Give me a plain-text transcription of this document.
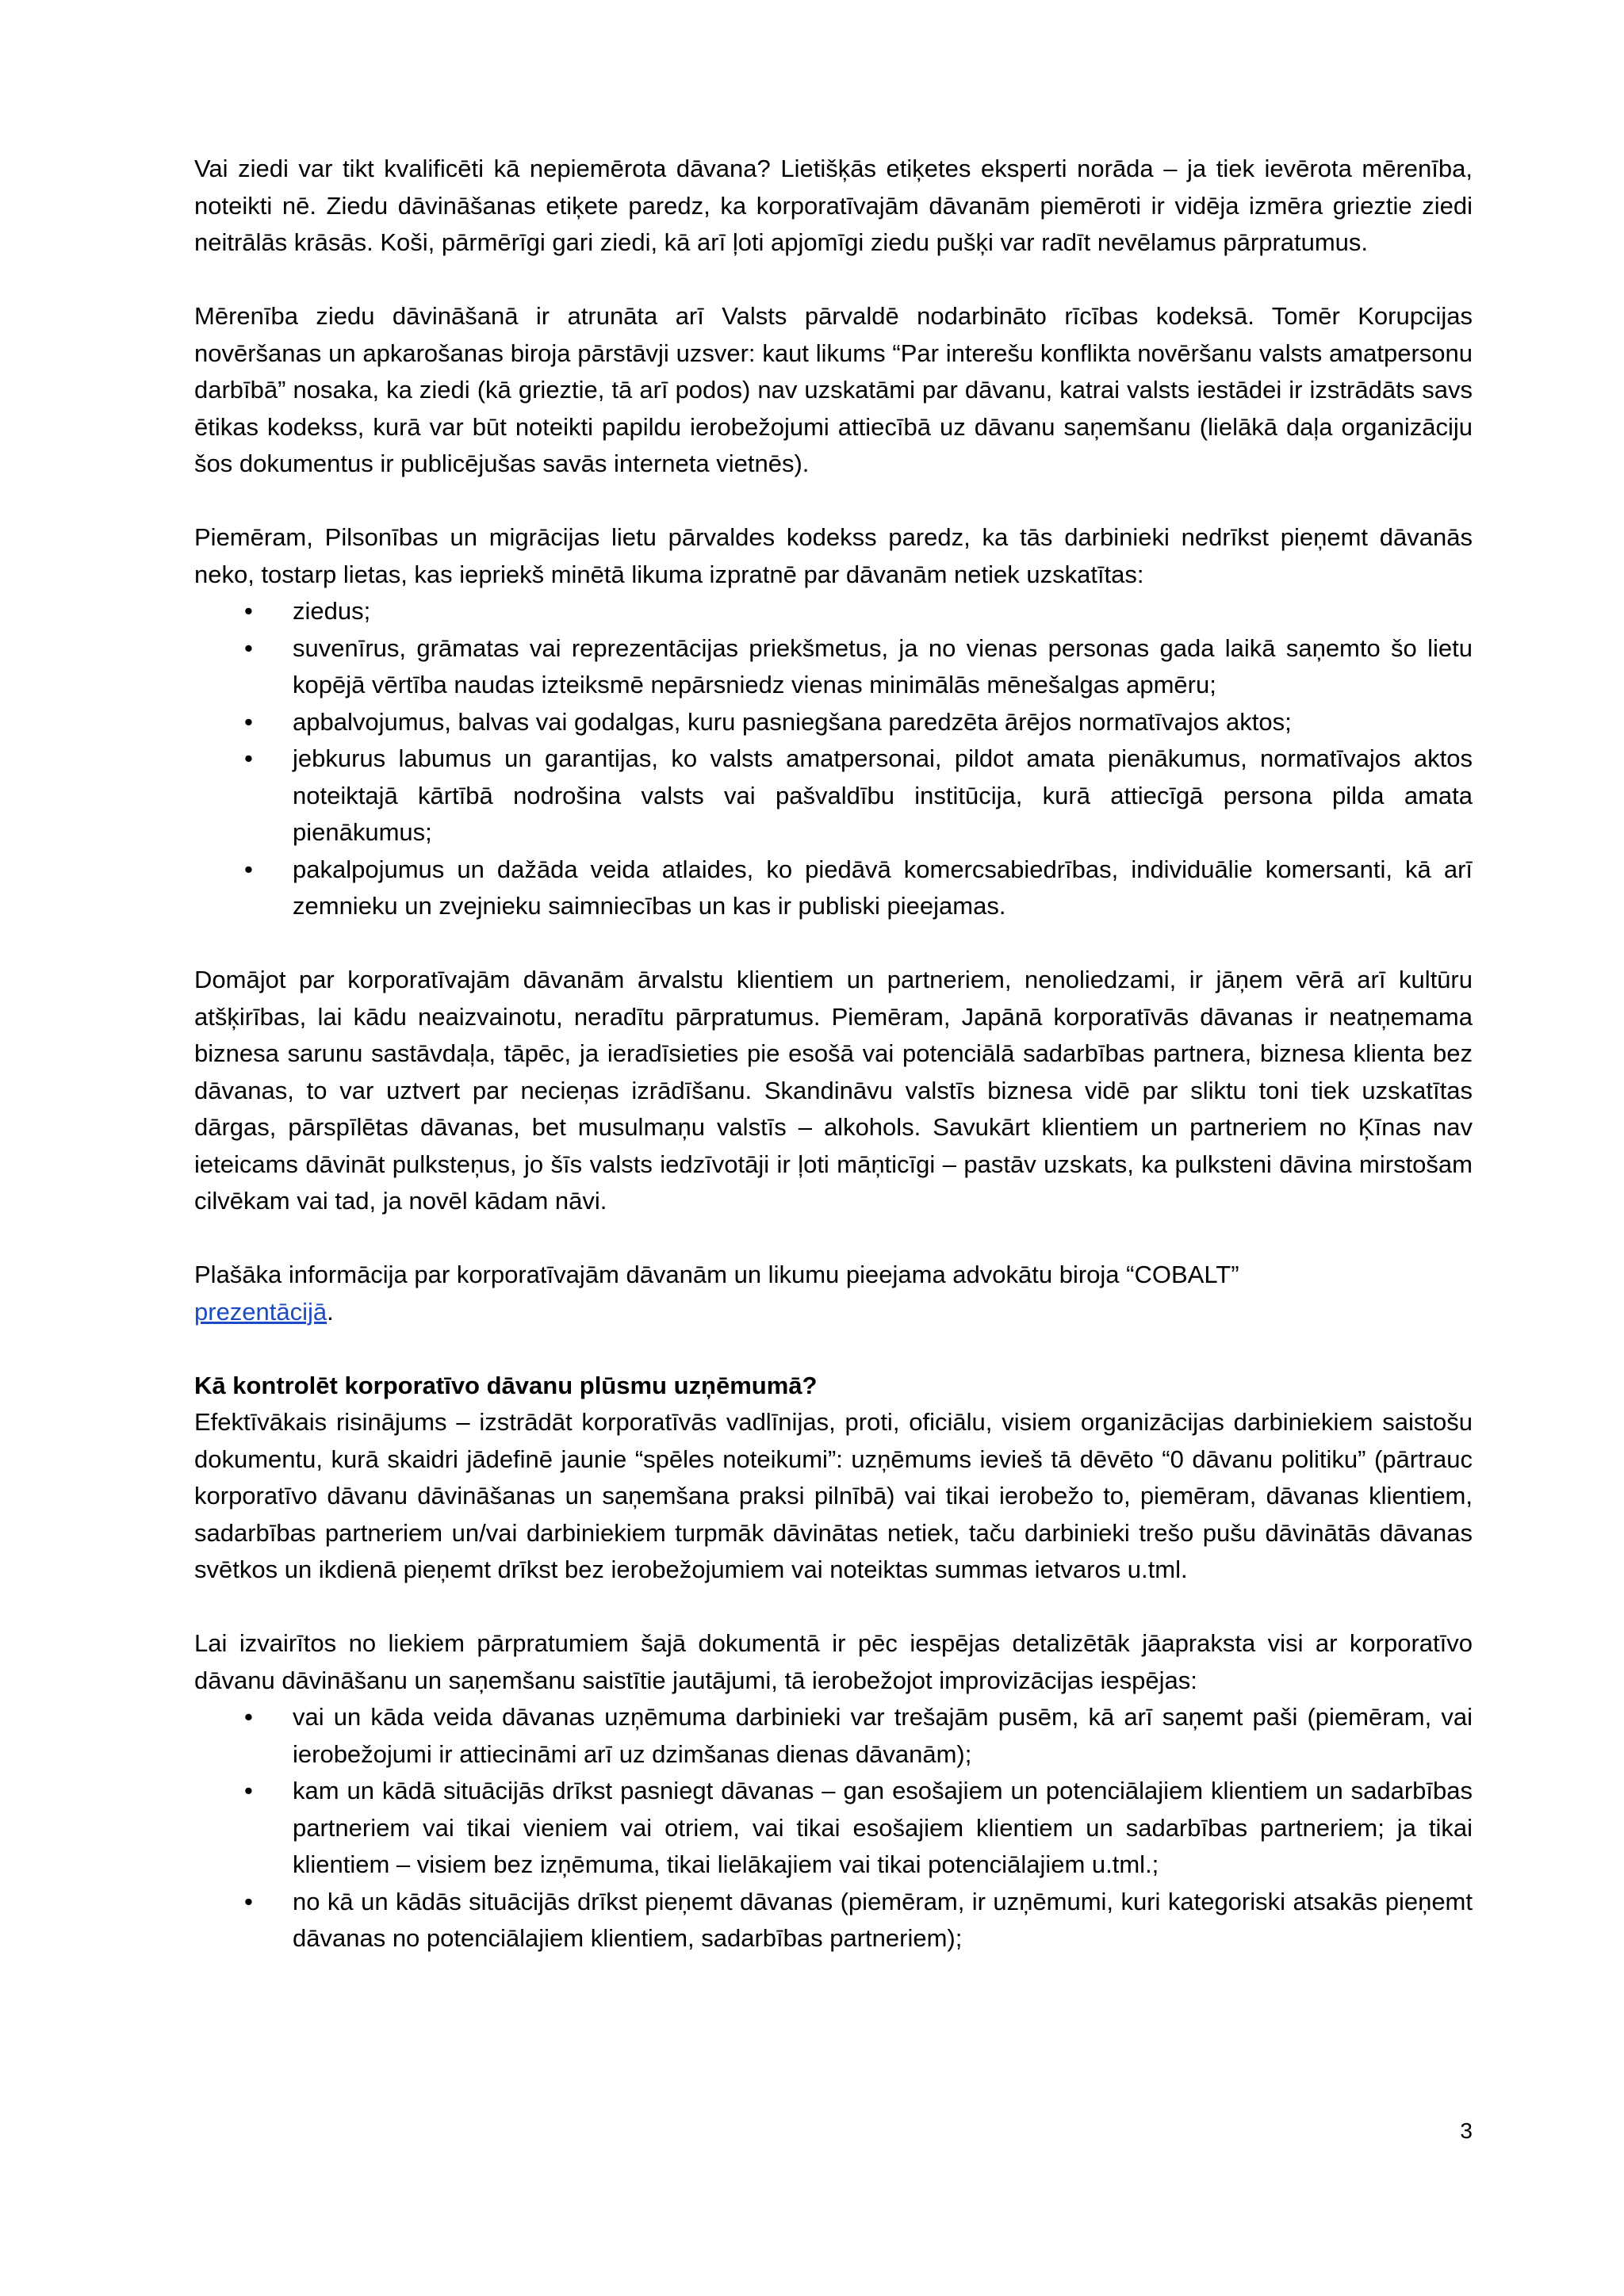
Vai ziedi var tikt kvalificēti kā nepiemērota dāvana? Lietišķās etiķetes eksperti norāda – ja tiek ievērota mērenība, noteikti nē. Ziedu dāvināšanas etiķete paredz, ka korporatīvajām dāvanām piemēroti ir vidēja izmēra grieztie ziedi neitrālās krāsās. Koši, pārmērīgi gari ziedi, kā arī ļoti apjomīgi ziedu pušķi var radīt nevēlamus pārpratumus.

Mērenība ziedu dāvināšanā ir atrunāta arī Valsts pārvaldē nodarbināto rīcības kodeksā. Tomēr Korupcijas novēršanas un apkarošanas biroja pārstāvji uzsver: kaut likums “Par interešu konflikta novēršanu valsts amatpersonu darbībā” nosaka, ka ziedi (kā grieztie, tā arī podos) nav uzskatāmi par dāvanu, katrai valsts iestādei ir izstrādāts savs ētikas kodekss, kurā var būt noteikti papildu ierobežojumi attiecībā uz dāvanu saņemšanu (lielākā daļa organizāciju šos dokumentus ir publicējušas savās interneta vietnēs).

Piemēram, Pilsonības un migrācijas lietu pārvaldes kodekss paredz, ka tās darbinieki nedrīkst pieņemt dāvanās neko, tostarp lietas, kas iepriekš minētā likuma izpratnē par dāvanām netiek uzskatītas:

• ziedus;
• suvenīrus, grāmatas vai reprezentācijas priekšmetus, ja no vienas personas gada laikā saņemto šo lietu kopējā vērtība naudas izteiksmē nepārsniedz vienas minimālās mēnešalgas apmēru;
• apbalvojumus, balvas vai godalgas, kuru pasniegšana paredzēta ārējos normatīvajos aktos;
• jebkurus labumus un garantijas, ko valsts amatpersonai, pildot amata pienākumus, normatīvajos aktos noteiktajā kārtībā nodrošina valsts vai pašvaldību institūcija, kurā attiecīgā persona pilda amata pienākumus;
• pakalpojumus un dažāda veida atlaides, ko piedāvā komercsabiedrības, individuālie komersanti, kā arī zemnieku un zvejnieku saimniecības un kas ir publiski pieejamas.

Domājot par korporatīvajām dāvanām ārvalstu klientiem un partneriem, nenoliedzami, ir jāņem vērā arī kultūru atšķirības, lai kādu neaizvainotu, neradītu pārpratumus. Piemēram, Japānā korporatīvās dāvanas ir neatņemama biznesa sarunu sastāvdaļa, tāpēc, ja ieradīsieties pie esošā vai potenciālā sadarbības partnera, biznesa klienta bez dāvanas, to var uztvert par necieņas izrādīšanu. Skandināvu valstīs biznesa vidē par sliktu toni tiek uzskatītas dārgas, pārspīlētas dāvanas, bet musulmaņu valstīs – alkohols. Savukārt klientiem un partneriem no Ķīnas nav ieteicams dāvināt pulksteņus, jo šīs valsts iedzīvotāji ir ļoti māņticīgi – pastāv uzskats, ka pulksteni dāvina mirstošam cilvēkam vai tad, ja novēl kādam nāvi.

Plašāka informācija par korporatīvajām dāvanām un likumu pieejama advokātu biroja “COBALT”
prezentācijā.

Kā kontrolēt korporatīvo dāvanu plūsmu uzņēmumā?

Efektīvākais risinājums – izstrādāt korporatīvās vadlīnijas, proti, oficiālu, visiem organizācijas darbiniekiem saistošu dokumentu, kurā skaidri jādefinē jaunie “spēles noteikumi”: uzņēmums ievieš tā dēvēto “0 dāvanu politiku” (pārtrauc korporatīvo dāvanu dāvināšanas un saņemšana praksi pilnībā) vai tikai ierobežo to, piemēram, dāvanas klientiem, sadarbības partneriem un/vai darbiniekiem turpmāk dāvinātas netiek, taču darbinieki trešo pušu dāvinātās dāvanas svētkos un ikdienā pieņemt drīkst bez ierobežojumiem vai noteiktas summas ietvaros u.tml.

Lai izvairītos no liekiem pārpratumiem šajā dokumentā ir pēc iespējas detalizētāk jāapraksta visi ar korporatīvo dāvanu dāvināšanu un saņemšanu saistītie jautājumi, tā ierobežojot improvizācijas iespējas:

• vai un kāda veida dāvanas uzņēmuma darbinieki var trešajām pusēm, kā arī saņemt paši (piemēram, vai ierobežojumi ir attiecināmi arī uz dzimšanas dienas dāvanām);
• kam un kādā situācijās drīkst pasniegt dāvanas – gan esošajiem un potenciālajiem klientiem un sadarbības partneriem vai tikai vieniem vai otriem, vai tikai esošajiem klientiem un sadarbības partneriem; ja tikai klientiem – visiem bez izņēmuma, tikai lielākajiem vai tikai potenciālajiem u.tml.;
• no kā un kādās situācijās drīkst pieņemt dāvanas (piemēram, ir uzņēmumi, kuri kategoriski atsakās pieņemt dāvanas no potenciālajiem klientiem, sadarbības partneriem);
3
